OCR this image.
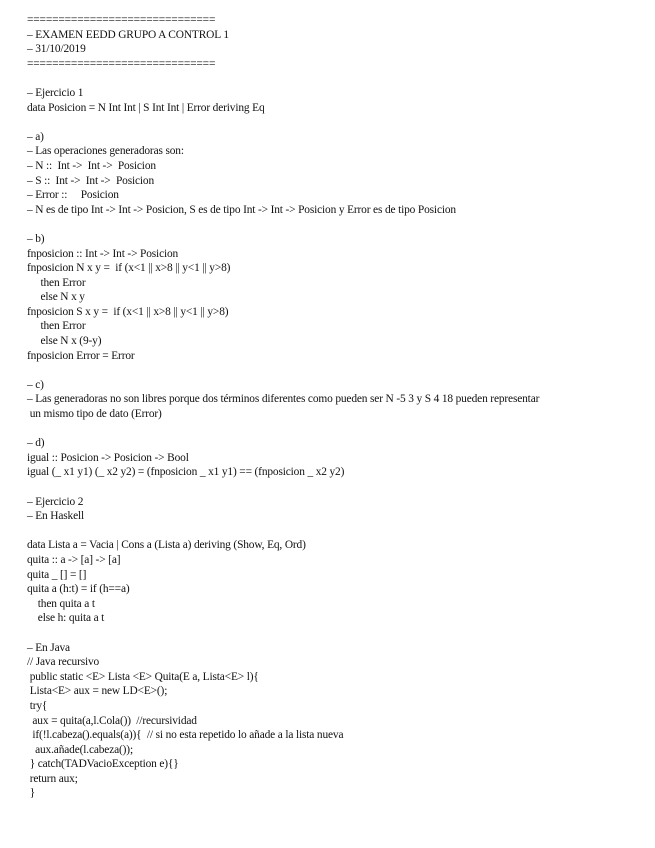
==============================
– EXAMEN EEDD GRUPO A CONTROL 1
– 31/10/2019
==============================
– Ejercicio 1
data Posicion = N Int Int | S Int Int | Error deriving Eq
– a)
– Las operaciones generadoras son:
– N ::  Int ->  Int ->  Posicion
– S ::  Int ->  Int ->  Posicion
– Error ::     Posicion
– N es de tipo Int -> Int -> Posicion, S es de tipo Int -> Int -> Posicion y Error es de tipo Posicion
– b)
fnposicion :: Int -> Int -> Posicion
fnposicion N x y =  if (x<1 || x>8 || y<1 || y>8)
then Error
else N x y
fnposicion S x y =  if (x<1 || x>8 || y<1 || y>8)
then Error
else N x (9-y)
fnposicion Error = Error
– c)
– Las generadoras no son libres porque dos términos diferentes como pueden ser N -5 3 y S 4 18 pueden representar
un mismo tipo de dato (Error)
– d)
igual :: Posicion -> Posicion -> Bool
igual (_ x1 y1) (_ x2 y2) = (fnposicion _ x1 y1) == (fnposicion _ x2 y2)
– Ejercicio 2
– En Haskell
data Lista a = Vacia | Cons a (Lista a) deriving (Show, Eq, Ord)
quita :: a -> [a] -> [a]
quita _ [] = []
quita a (h:t) = if (h==a)
then quita a t
else h: quita a t
– En Java
// Java recursivo
public static <E> Lista <E> Quita(E a, Lista<E> l){
Lista<E> aux = new LD<E>();
try{
aux = quita(a,l.Cola())  //recursividad
if(!l.cabeza().equals(a)){  // si no esta repetido lo añade a la lista nueva
aux.añade(l.cabeza());
} catch(TADVacioException e){}
return aux;
}
